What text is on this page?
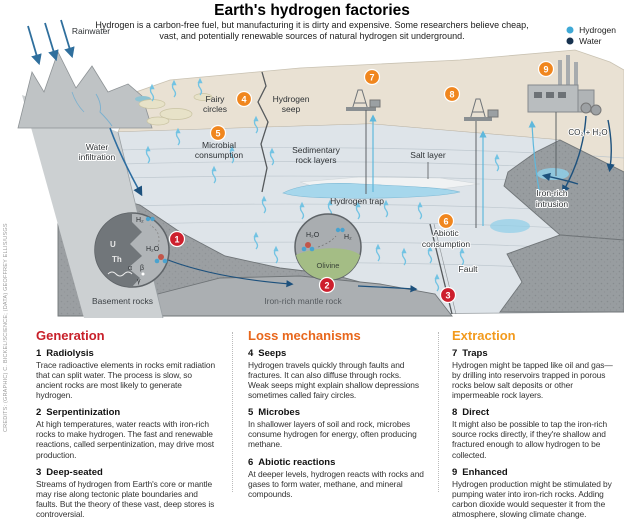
U
Th
H₂
H₂O
α β
γ
H₂O	H₂
Olivine
Rainwater
Water
infiltration
Fairy
circles
Hydrogen
seep
Microbial
consumption	Sedimentary
rock layers	Salt layer
Hydrogen trap
Abiotic
consumption
Fault
Iron-rich
intrusion
CO₂ + H₂O
Basement rocks	Iron-rich mantle rock
1
2
3
4
5
6
7
8
9
Earth's hydrogen factories
Hydrogen is a carbon-free fuel, but manufacturing it is dirty and expensive. Some researchers believe cheap, vast, and potentially renewable sources of natural hydrogen sit underground.
Hydrogen
Water
CREDITS: (GRAPHIC) C. BICKEL/SCIENCE; (DATA) GEOFFREY ELLIS/USGS Generation
1 Radiolysis

Trace radioactive elements in rocks emit radiation that can split water. The process is slow, so ancient rocks are most likely to generate hydrogen.

2 Serpentinization

At high temperatures, water reacts with iron-rich rocks to make hydrogen. The fast and renewable reactions, called serpentinization, may drive most production.

3 Deep-seated

Streams of hydrogen from Earth's core or mantle may rise along tectonic plate boundaries and faults. But the theory of these vast, deep stores is controversial.

Loss mechanisms
4 Seeps

Hydrogen travels quickly through faults and fractures. It can also diffuse through rocks. Weak seeps might explain shallow depressions sometimes called fairy circles.

5 Microbes

In shallower layers of soil and rock, microbes consume hydrogen for energy, often producing methane.

6 Abiotic reactions

At deeper levels, hydrogen reacts with rocks and gases to form water, methane, and mineral compounds.

Extraction
7 Traps

Hydrogen might be tapped like oil and gas—by drilling into reservoirs trapped in porous rocks below salt deposits or other impermeable rock layers.

8 Direct

It might also be possible to tap the iron-rich source rocks directly, if they're shallow and fractured enough to allow hydrogen to be collected.

9 Enhanced

Hydrogen production might be stimulated by pumping water into iron-rich rocks. Adding carbon dioxide would sequester it from the atmosphere, slowing climate change.
